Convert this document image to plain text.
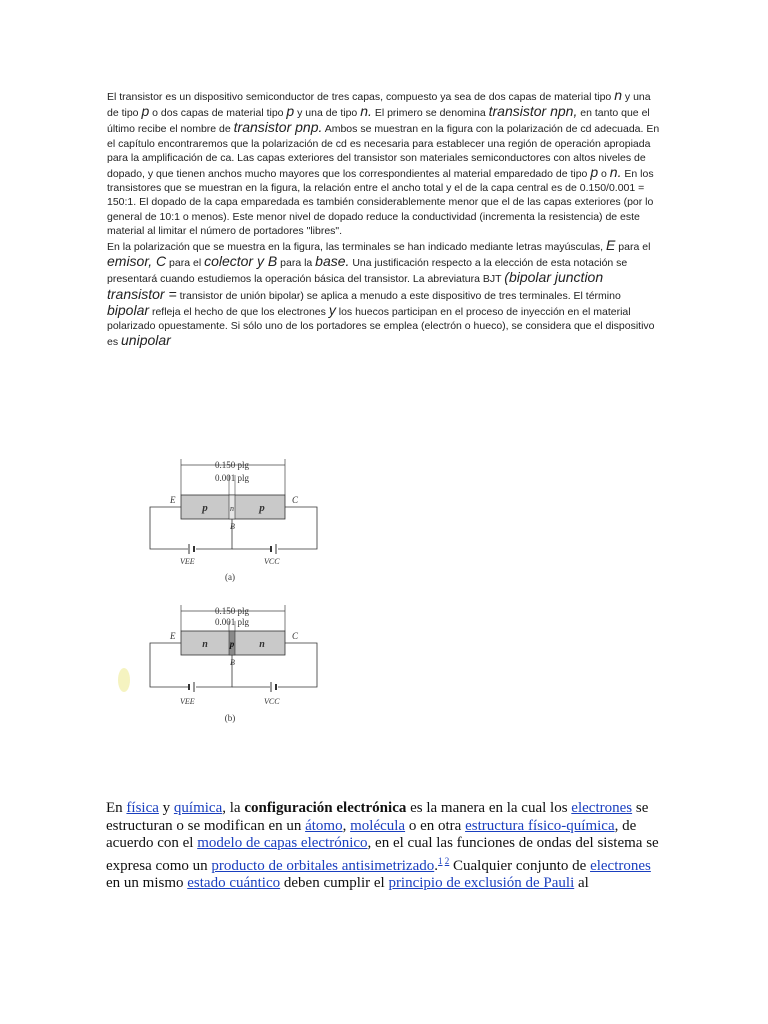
El transistor es un dispositivo semiconductor de tres capas, compuesto ya sea de dos capas de material tipo n y una de tipo p o dos capas de material tipo p y una de tipo n. El primero se denomina transistor npn, en tanto que el último recibe el nombre de transistor pnp. Ambos se muestran en la figura con la polarización de cd adecuada. En el capítulo encontraremos que la polarización de cd es necesaria para establecer una región de operación apropiada para la amplificación de ca. Las capas exteriores del transistor son materiales semiconductores con altos niveles de dopado, y que tienen anchos mucho mayores que los correspondientes al material emparedado de tipo p o n. En los transistores que se muestran en la figura, la relación entre el ancho total y el de la capa central es de 0.150/0.001 = 150:1. El dopado de la capa emparedada es también considerablemente menor que el de las capas exteriores (por lo general de 10:1 o menos). Este menor nivel de dopado reduce la conductividad (incrementa la resistencia) de este material al limitar el número de portadores "libres".
En la polarización que se muestra en la figura, las terminales se han indicado mediante letras mayúsculas, E para el emisor, C para el colector y B para la base. Una justificación respecto a la elección de esta notación se presentará cuando estudiemos la operación básica del transistor. La abreviatura BJT (bipolar junction transistor = transistor de unión bipolar) se aplica a menudo a este dispositivo de tres terminales. El término bipolar refleja el hecho de que los electrones y los huecos participan en el proceso de inyección en el material polarizado opuestamente. Si sólo uno de los portadores se emplea (electrón o hueco), se considera que el dispositivo es unipolar
0.150 plg
0.001 plg
p	n p
E	C
B
VEE	VCC
(a)
0.150 plg
0.001 plg
n p n
E	C
B
VEE	VCC
(b)
En física y química, la configuración electrónica es la manera en la cual los electrones se estructuran o se modifican en un átomo, molécula o en otra estructura físico-química, de acuerdo con el modelo de capas electrónico, en el cual las funciones de ondas del sistema se expresa como un producto de orbitales antisimetrizado.$^{1 2}$ Cualquier conjunto de electrones en un mismo estado cuántico deben cumplir el principio de exclusión de Pauli al
